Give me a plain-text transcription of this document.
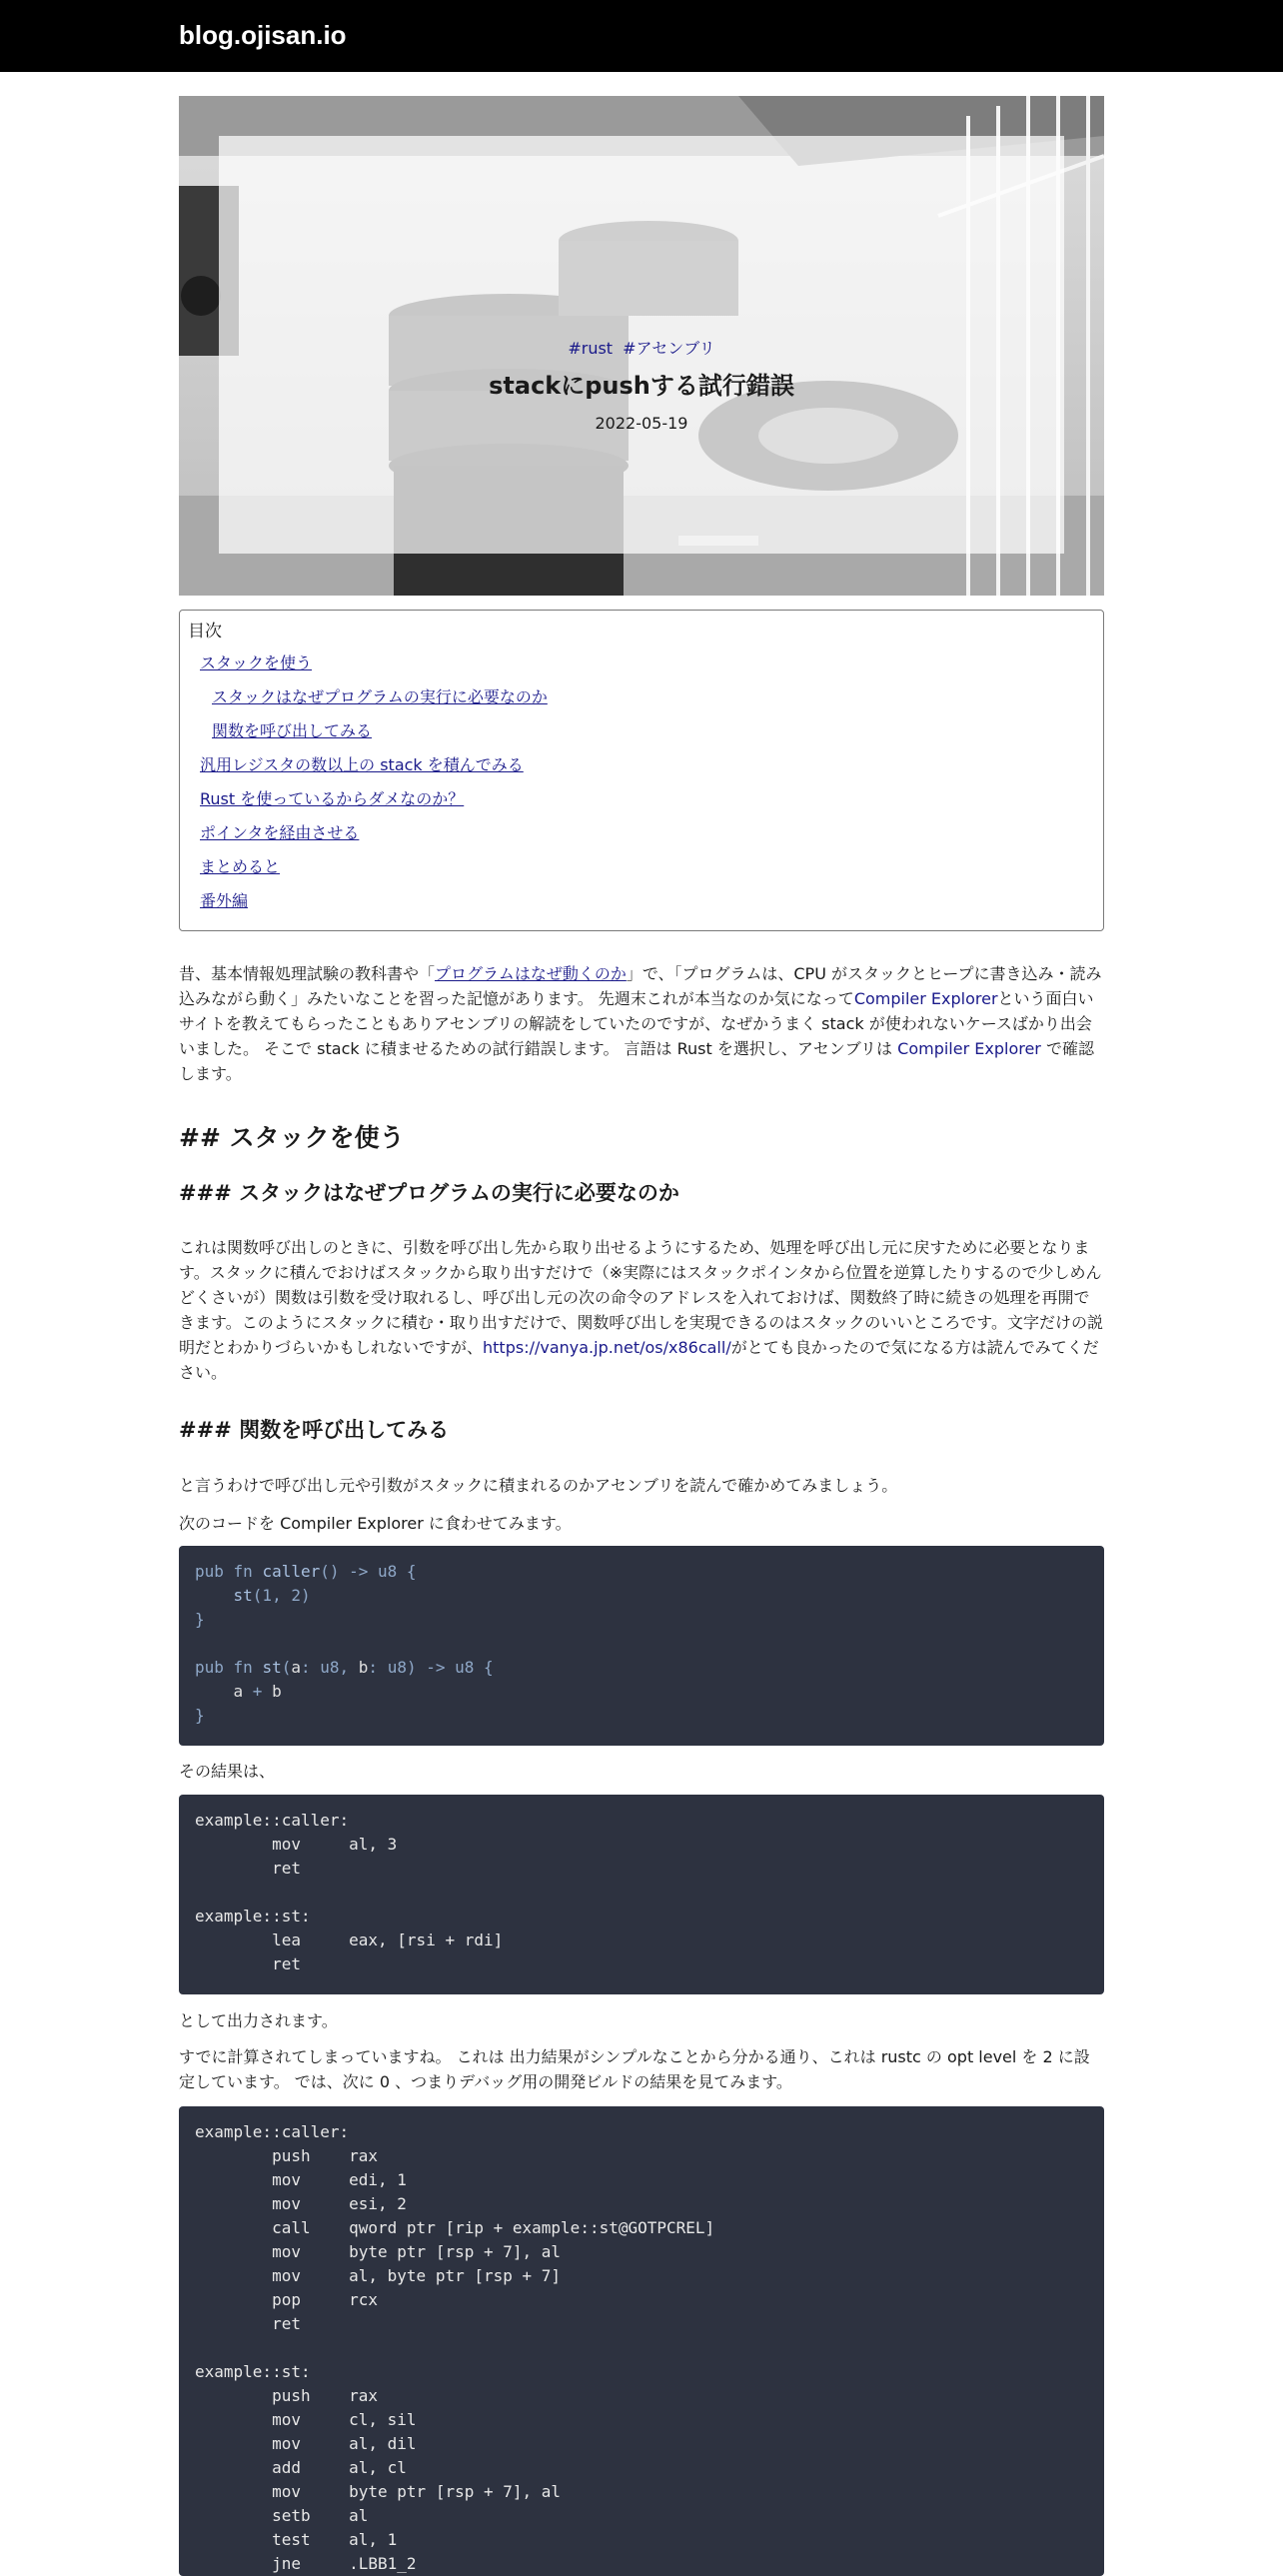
blog.ojisan.io
#rust #アセンブリ
stackにpushする試行錯誤
2022-05-19
目次
スタックを使う
スタックはなぜプログラムの実行に必要なのか
関数を呼び出してみる
汎用レジスタの数以上の stack を積んでみる
Rust を使っているからダメなのか？
ポインタを経由させる
まとめると
番外編

昔、基本情報処理試験の教科書や「プログラムはなぜ動くのか」で、「プログラムは、CPU がスタックとヒープに書き込み・読み込みながら動く」みたいなことを習った記憶があります。 先週末これが本当なのか気になってCompiler Explorerという面白いサイトを教えてもらったこともありアセンブリの解読をしていたのですが、なぜかうまく stack が使われないケースばかり出会いました。 そこで stack に積ませるための試行錯誤します。 言語は Rust を選択し、アセンブリは Compiler Explorer で確認します。

## スタックを使う
### スタックはなぜプログラムの実行に必要なのか

これは関数呼び出しのときに、引数を呼び出し先から取り出せるようにするため、処理を呼び出し元に戻すために必要となります。スタックに積んでおけばスタックから取り出すだけで（※実際にはスタックポインタから位置を逆算したりするので少しめんどくさいが）関数は引数を受け取れるし、呼び出し元の次の命令のアドレスを入れておけば、関数終了時に続きの処理を再開できます。このようにスタックに積む・取り出すだけで、関数呼び出しを実現できるのはスタックのいいところです。文字だけの説明だとわかりづらいかもしれないですが、https://vanya.jp.net/os/x86call/がとても良かったので気になる方は読んでみてください。

### 関数を呼び出してみる

と言うわけで呼び出し元や引数がスタックに積まれるのかアセンブリを読んで確かめてみましょう。

次のコードを Compiler Explorer に食わせてみます。

pub fn caller() -> u8 {
st(1, 2)
}

pub fn st(a: u8, b: u8) -> u8 {
a + b
}

その結果は、

example::caller:
mov     al, 3
ret

example::st:
lea     eax, [rsi + rdi]
ret

として出力されます。

すでに計算されてしまっていますね。 これは 出力結果がシンプルなことから分かる通り、これは rustc の opt level を 2 に設定しています。 では、次に 0 、つまりデバッグ用の開発ビルドの結果を見てみます。

example::caller:
push    rax
mov     edi, 1
mov     esi, 2
call    qword ptr [rip + example::st@GOTPCREL]
mov     byte ptr [rsp + 7], al
mov     al, byte ptr [rsp + 7]
pop     rcx
ret

example::st:
push    rax
mov     cl, sil
mov     al, dil
add     al, cl
mov     byte ptr [rsp + 7], al
setb    al
test    al, 1
jne     .LBB1_2
